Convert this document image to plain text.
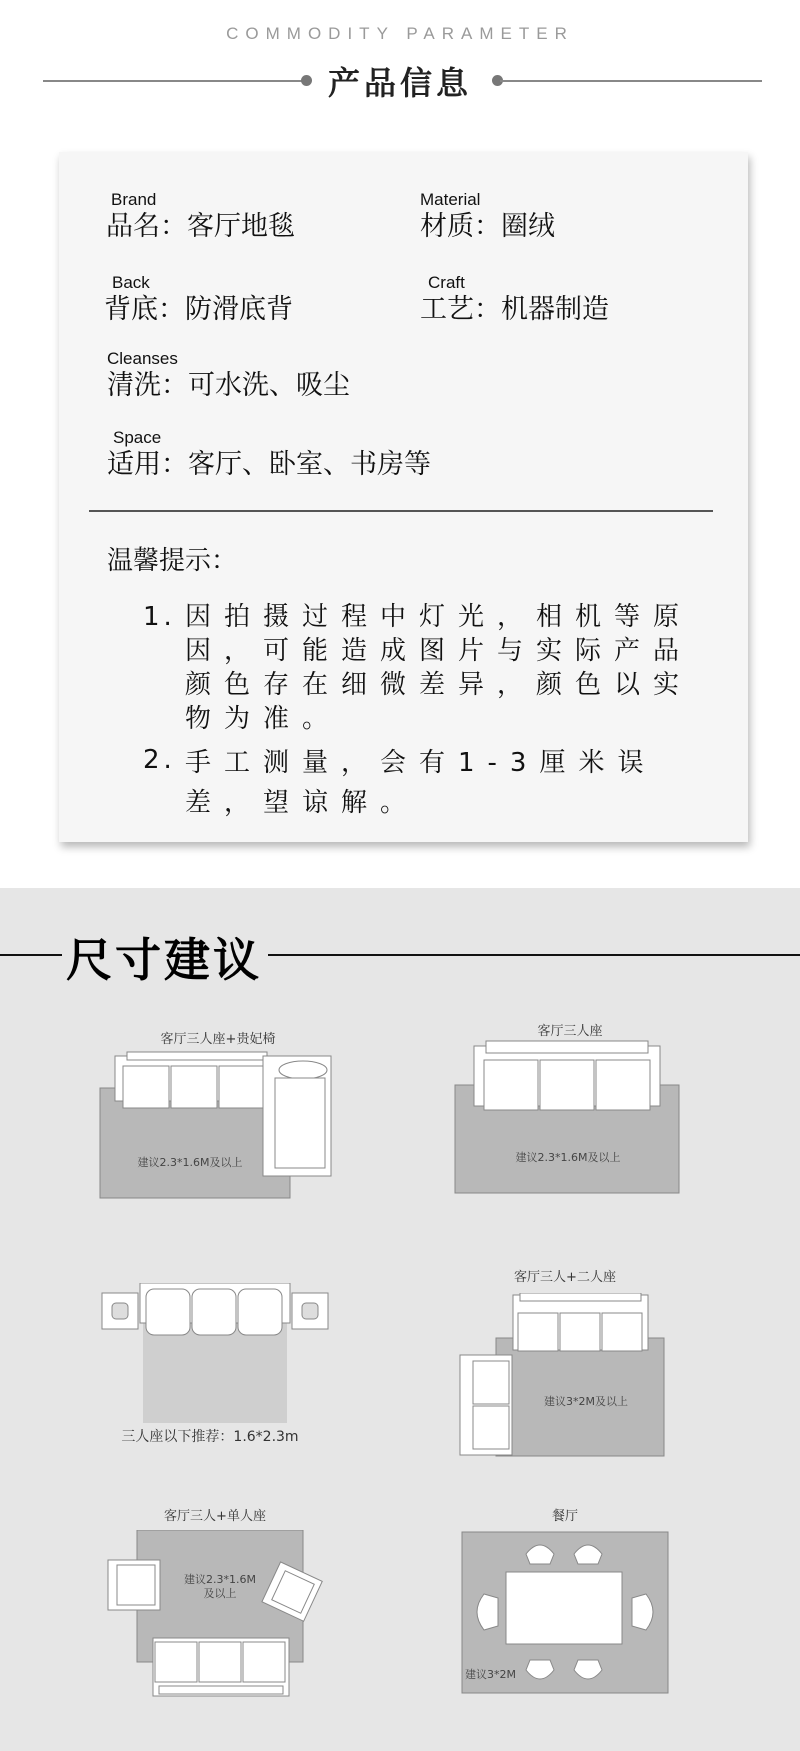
COMMODITY PARAMETER
产品信息
Brand
品名：客厅地毯
Material
材质：圈绒
Back
背底：防滑底背
Craft
工艺：机器制造
Cleanses
清洗：可水洗、吸尘
Space
适用：客厅、卧室、书房等
温馨提示：
1. 因拍摄过程中灯光，相机等原因，可能造成图片与实际产品颜色存在细微差异，颜色以实物为准。
2. 手工测量，会有1-3厘米误差，望谅解。
尺寸建议
客厅三人座+贵妃椅
建议2.3*1.6M及以上
客厅三人座
建议2.3*1.6M及以上
三人座以下推荐：1.6*2.3m
客厅三人+二人座
建议3*2M及以上
客厅三人+单人座
建议2.3*1.6M
及以上
餐厅
建议3*2M
